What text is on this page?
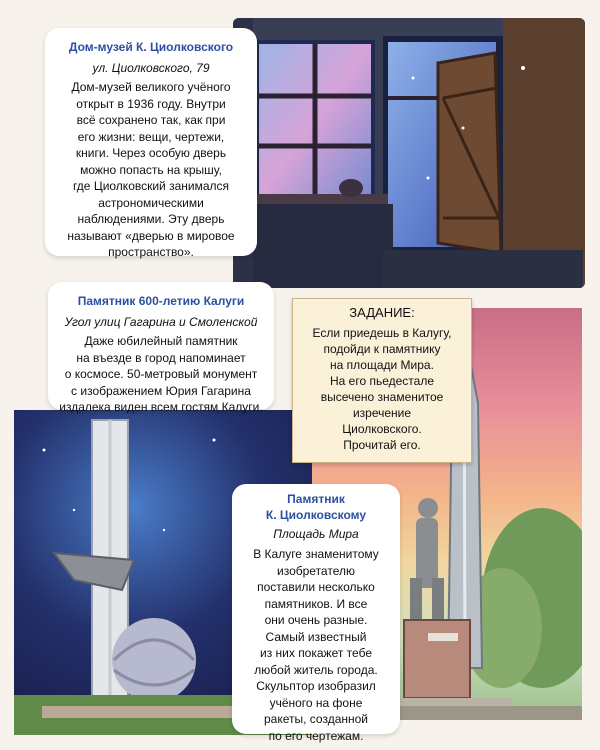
Дом-музей К. Циолковского
ул. Циолковского, 79
Дом-музей великого учёного
открыт в 1936 году. Внутри
всё сохранено так, как при
его жизни: вещи, чертежи,
книги. Через особую дверь
можно попасть на крышу,
где Циолковский занимался
астрономическими
наблюдениями. Эту дверь
называют «дверью в мировое
пространство».
Памятник 600-летию Калуги
Угол улиц Гагарина и Смоленской
Даже юбилейный памятник
на въезде в город напоминает
о космосе. 50-метровый монумент
с изображением Юрия Гагарина
издалека виден всем гостям Калуги.
ЗАДАНИЕ:
Если приедешь в Калугу,
подойди к памятнику
на площади Мира.
На его пьедестале
высечено знаменитое
изречение
Циолковского.
Прочитай его.
Памятник
К. Циолковскому
Площадь Мира
В Калуге знаменитому
изобретателю
поставили несколько
памятников. И все
они очень разные.
Самый известный
из них покажет тебе
любой житель города.
Скульптор изобразил
учёного на фоне
ракеты, созданной
по его чертежам.
